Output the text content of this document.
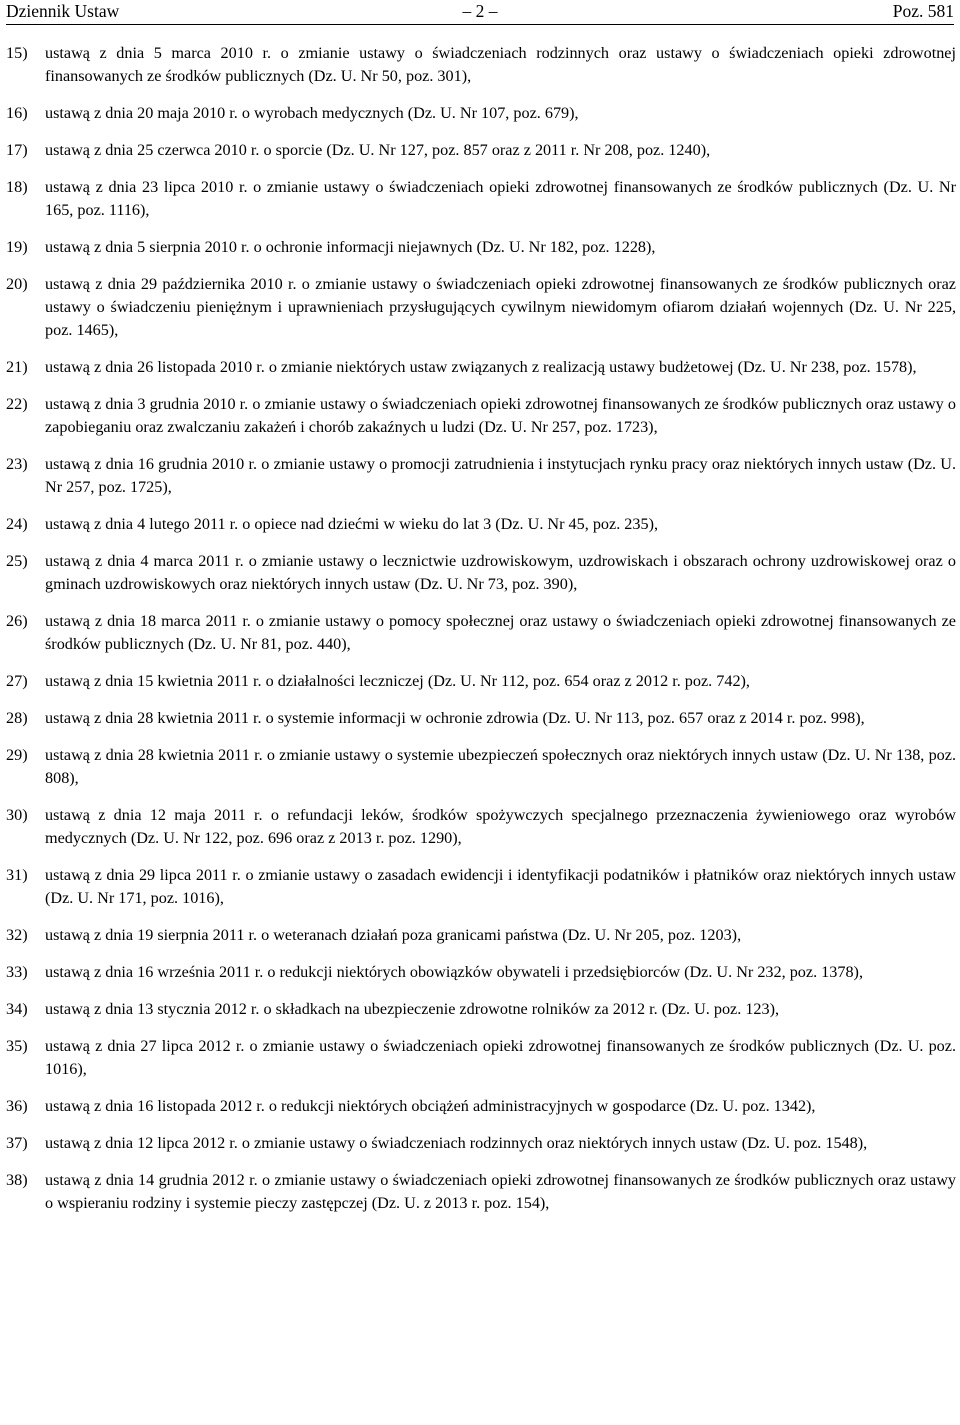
Dziennik Ustaw	– 2 –	Poz. 581
15) ustawą z dnia 5 marca 2010 r. o zmianie ustawy o świadczeniach rodzinnych oraz ustawy o świadczeniach opieki zdrowotnej finansowanych ze środków publicznych (Dz. U. Nr 50, poz. 301),
16) ustawą z dnia 20 maja 2010 r. o wyrobach medycznych (Dz. U. Nr 107, poz. 679),
17) ustawą z dnia 25 czerwca 2010 r. o sporcie (Dz. U. Nr 127, poz. 857 oraz z 2011 r. Nr 208, poz. 1240),
18) ustawą z dnia 23 lipca 2010 r. o zmianie ustawy o świadczeniach opieki zdrowotnej finansowanych ze środków publicznych (Dz. U. Nr 165, poz. 1116),
19) ustawą z dnia 5 sierpnia 2010 r. o ochronie informacji niejawnych (Dz. U. Nr 182, poz. 1228),
20) ustawą z dnia 29 października 2010 r. o zmianie ustawy o świadczeniach opieki zdrowotnej finansowanych ze środków publicznych oraz ustawy o świadczeniu pieniężnym i uprawnieniach przysługujących cywilnym niewidomym ofiarom działań wojennych (Dz. U. Nr 225, poz. 1465),
21) ustawą z dnia 26 listopada 2010 r. o zmianie niektórych ustaw związanych z realizacją ustawy budżetowej (Dz. U. Nr 238, poz. 1578),
22) ustawą z dnia 3 grudnia 2010 r. o zmianie ustawy o świadczeniach opieki zdrowotnej finansowanych ze środków publicznych oraz ustawy o zapobieganiu oraz zwalczaniu zakażeń i chorób zakaźnych u ludzi (Dz. U. Nr 257, poz. 1723),
23) ustawą z dnia 16 grudnia 2010 r. o zmianie ustawy o promocji zatrudnienia i instytucjach rynku pracy oraz niektórych innych ustaw (Dz. U. Nr 257, poz. 1725),
24) ustawą z dnia 4 lutego 2011 r. o opiece nad dziećmi w wieku do lat 3 (Dz. U. Nr 45, poz. 235),
25) ustawą z dnia 4 marca 2011 r. o zmianie ustawy o lecznictwie uzdrowiskowym, uzdrowiskach i obszarach ochrony uzdrowiskowej oraz o gminach uzdrowiskowych oraz niektórych innych ustaw (Dz. U. Nr 73, poz. 390),
26) ustawą z dnia 18 marca 2011 r. o zmianie ustawy o pomocy społecznej oraz ustawy o świadczeniach opieki zdrowotnej finansowanych ze środków publicznych (Dz. U. Nr 81, poz. 440),
27) ustawą z dnia 15 kwietnia 2011 r. o działalności leczniczej (Dz. U. Nr 112, poz. 654 oraz z 2012 r. poz. 742),
28) ustawą z dnia 28 kwietnia 2011 r. o systemie informacji w ochronie zdrowia (Dz. U. Nr 113, poz. 657 oraz z 2014 r. poz. 998),
29) ustawą z dnia 28 kwietnia 2011 r. o zmianie ustawy o systemie ubezpieczeń społecznych oraz niektórych innych ustaw (Dz. U. Nr 138, poz. 808),
30) ustawą z dnia 12 maja 2011 r. o refundacji leków, środków spożywczych specjalnego przeznaczenia żywieniowego oraz wyrobów medycznych (Dz. U. Nr 122, poz. 696 oraz z 2013 r. poz. 1290),
31) ustawą z dnia 29 lipca 2011 r. o zmianie ustawy o zasadach ewidencji i identyfikacji podatników i płatników oraz niektórych innych ustaw (Dz. U. Nr 171, poz. 1016),
32) ustawą z dnia 19 sierpnia 2011 r. o weteranach działań poza granicami państwa (Dz. U. Nr 205, poz. 1203),
33) ustawą z dnia 16 września 2011 r. o redukcji niektórych obowiązków obywateli i przedsiębiorców (Dz. U. Nr 232, poz. 1378),
34) ustawą z dnia 13 stycznia 2012 r. o składkach na ubezpieczenie zdrowotne rolników za 2012 r. (Dz. U. poz. 123),
35) ustawą z dnia 27 lipca 2012 r. o zmianie ustawy o świadczeniach opieki zdrowotnej finansowanych ze środków publicznych (Dz. U. poz. 1016),
36) ustawą z dnia 16 listopada 2012 r. o redukcji niektórych obciążeń administracyjnych w gospodarce (Dz. U. poz. 1342),
37) ustawą z dnia 12 lipca 2012 r. o zmianie ustawy o świadczeniach rodzinnych oraz niektórych innych ustaw (Dz. U. poz. 1548),
38) ustawą z dnia 14 grudnia 2012 r. o zmianie ustawy o świadczeniach opieki zdrowotnej finansowanych ze środków publicznych oraz ustawy o wspieraniu rodziny i systemie pieczy zastępczej (Dz. U. z 2013 r. poz. 154),
